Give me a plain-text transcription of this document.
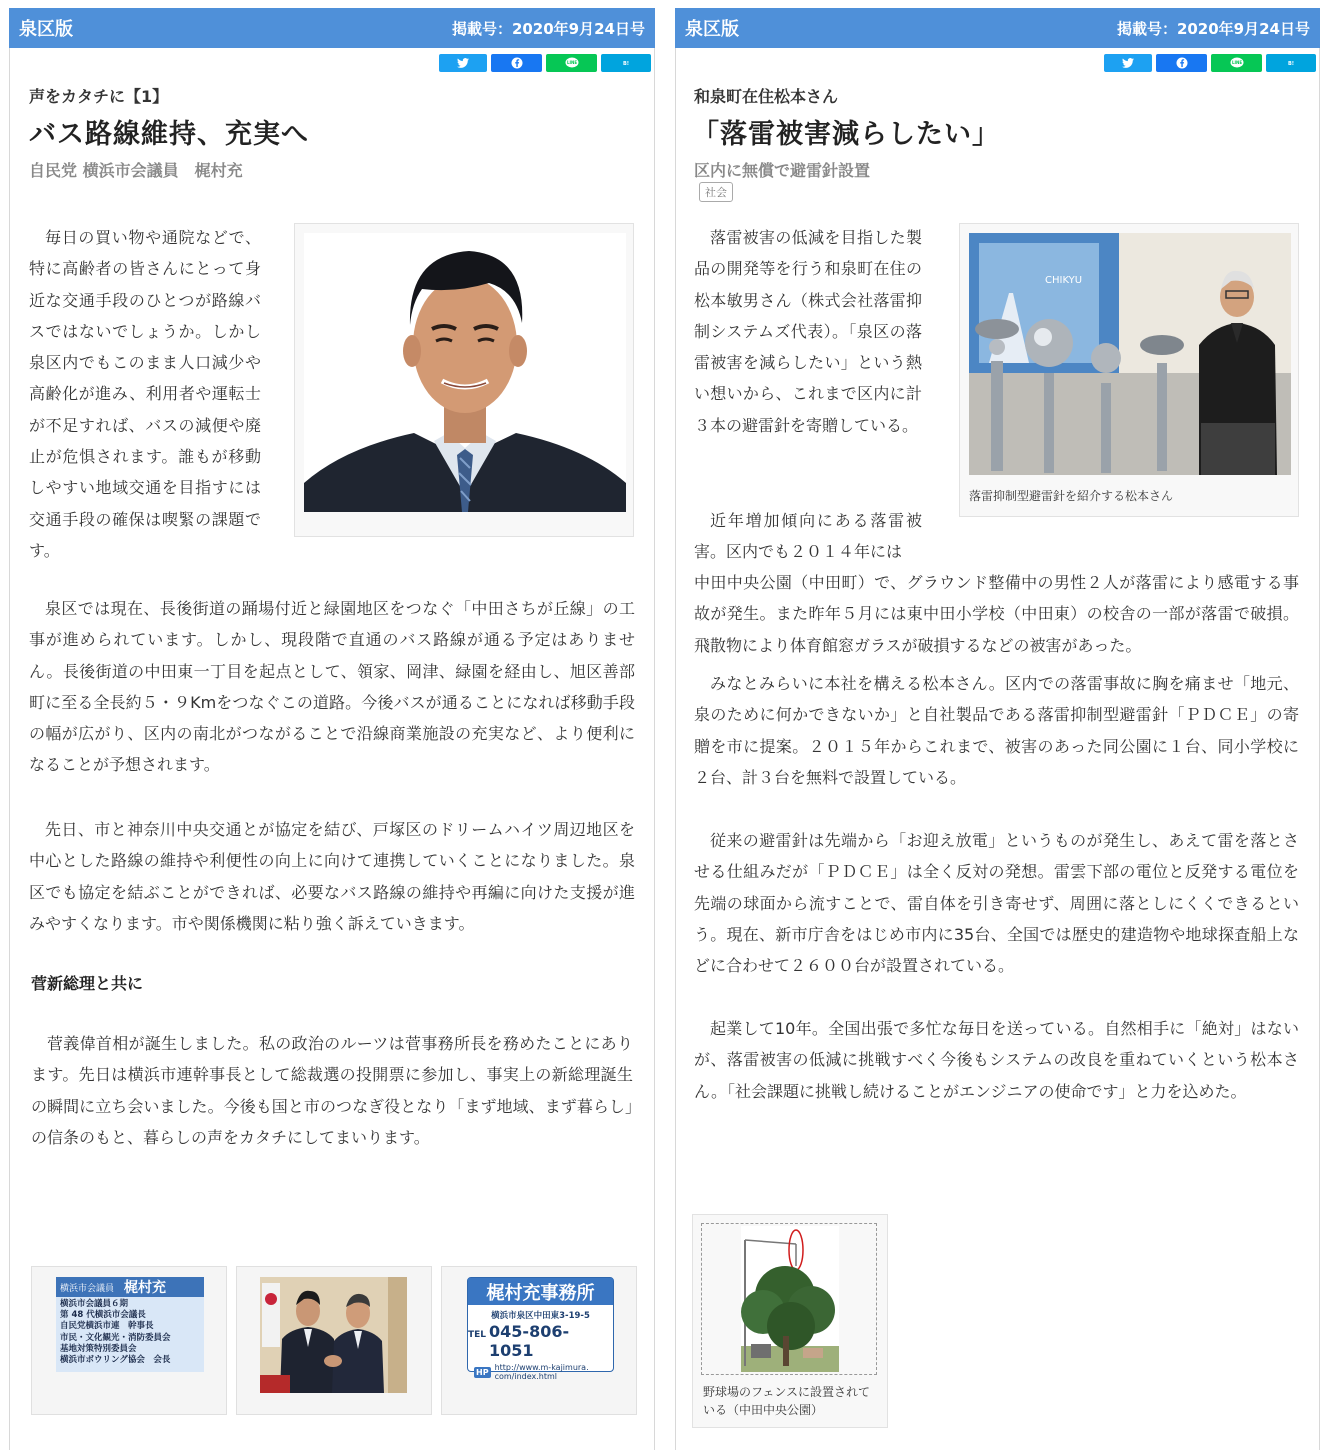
泉区版	掲載号：2020年9月24日号
LINE	B!
声をカタチに【1】
バス路線維持、充実へ
自民党 横浜市会議員　梶村充

毎日の買い物や通院などで、特に高齢者の皆さんにとって身近な交通手段のひとつが路線バスではないでしょうか。しかし泉区内でもこのまま人口減少や高齢化が進み、利用者や運転士が不足すれば、バスの減便や廃止が危惧されます。誰もが移動しやすい地域交通を目指すには交通手段の確保は喫緊の課題です。

泉区では現在、長後街道の踊場付近と緑園地区をつなぐ「中田さちが丘線」の工事が進められています。しかし、現段階で直通のバス路線が通る予定はありません。長後街道の中田東一丁目を起点として、領家、岡津、緑園を経由し、旭区善部町に至る全長約５・９Kmをつなぐこの道路。今後バスが通ることになれば移動手段の幅が広がり、区内の南北がつながることで沿線商業施設の充実など、より便利になることが予想されます。

先日、市と神奈川中央交通とが協定を結び、戸塚区のドリームハイツ周辺地区を中心とした路線の維持や利便性の向上に向けて連携していくことになりました。泉区でも協定を結ぶことができれば、必要なバス路線の維持や再編に向けた支援が進みやすくなります。市や関係機関に粘り強く訴えていきます。

菅新総理と共に

菅義偉首相が誕生しました。私の政治のルーツは菅事務所長を務めたことにあります。先日は横浜市連幹事長として総裁選の投開票に参加し、事実上の新総理誕生の瞬間に立ち会いました。今後も国と市のつなぎ役となり「まず地域、まず暮らし」の信条のもと、暮らしの声をカタチにしてまいります。

横浜市会議員 梶村充
横浜市会議員６期
第 48 代横浜市会議長
自民党横浜市連　幹事長
市民・文化観光・消防委員会
基地対策特別委員会
横浜市ボウリング協会　会長
梶村充事務所
横浜市泉区中田東3-19-5
TEL 045-806-1051
HP http://www.m-kajimura.
com/index.html
泉区版	掲載号：2020年9月24日号
LINE	B!
和泉町在住松本さん
「落雷被害減らしたい」
区内に無償で避雷針設置
社会
CHIKYU
落雷抑制型避雷針を紹介する松本さん

落雷被害の低減を目指した製品の開発等を行う和泉町在住の松本敏男さん（株式会社落雷抑制システムズ代表）。「泉区の落雷被害を減らしたい」という熱い想いから、これまで区内に計３本の避雷針を寄贈している。

近年増加傾向にある落雷被害。区内でも２０１４年には

中田中央公園（中田町）で、グラウンド整備中の男性２人が落雷により感電する事故が発生。また昨年５月には東中田小学校（中田東）の校舎の一部が落雷で破損。飛散物により体育館窓ガラスが破損するなどの被害があった。

みなとみらいに本社を構える松本さん。区内での落雷事故に胸を痛ませ「地元、泉のために何かできないか」と自社製品である落雷抑制型避雷針「ＰＤＣＥ」の寄贈を市に提案。２０１５年からこれまで、被害のあった同公園に１台、同小学校に２台、計３台を無料で設置している。

従来の避雷針は先端から「お迎え放電」というものが発生し、あえて雷を落とさせる仕組みだが「ＰＤＣＥ」は全く反対の発想。雷雲下部の電位と反発する電位を先端の球面から流すことで、雷自体を引き寄せず、周囲に落としにくくできるという。現在、新市庁舎をはじめ市内に35台、全国では歴史的建造物や地球探査船上などに合わせて２６００台が設置されている。

起業して10年。全国出張で多忙な毎日を送っている。自然相手に「絶対」はないが、落雷被害の低減に挑戦すべく今後もシステムの改良を重ねていくという松本さん。「社会課題に挑戦し続けることがエンジニアの使命です」と力を込めた。

野球場のフェンスに設置されている（中田中央公園）
